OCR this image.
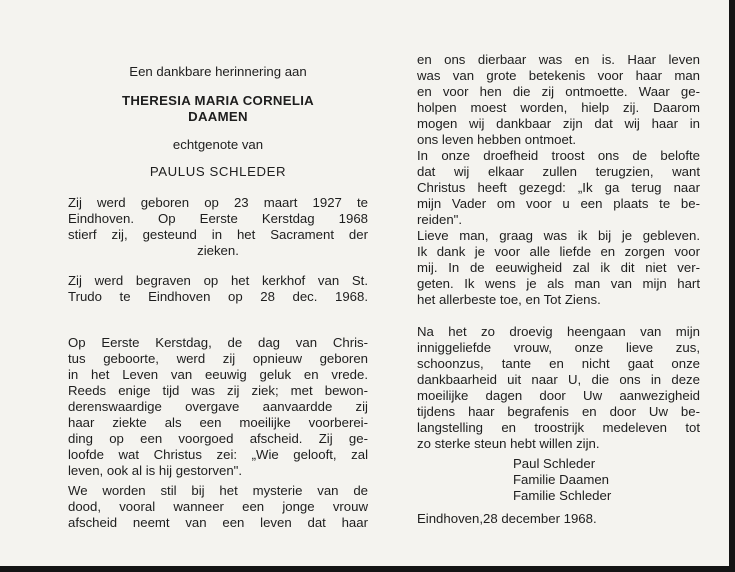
Een dankbare herinnering aan
THERESIA MARIA CORNELIA
DAAMEN
echtgenote van
PAULUS SCHLEDER
Zij werd geboren op 23 maart 1927 te
Eindhoven. Op Eerste Kerstdag 1968
stierf zij, gesteund in het Sacrament der
zieken.
Zij werd begraven op het kerkhof van St.
Trudo te Eindhoven op 28 dec. 1968.
Op Eerste Kerstdag, de dag van Chris-
tus geboorte, werd zij opnieuw geboren
in het Leven van eeuwig geluk en vrede.
Reeds enige tijd was zij ziek; met bewon-
derenswaardige overgave aanvaardde zij
haar ziekte als een moeilijke voorberei-
ding op een voorgoed afscheid. Zij ge-
loofde wat Christus zei: „Wie gelooft, zal
leven, ook al is hij gestorven".
We worden stil bij het mysterie van de
dood, vooral wanneer een jonge vrouw
afscheid neemt van een leven dat haar
en ons dierbaar was en is. Haar leven
was van grote betekenis voor haar man
en voor hen die zij ontmoette. Waar ge-
holpen moest worden, hielp zij. Daarom
mogen wij dankbaar zijn dat wij haar in
ons leven hebben ontmoet.
In onze droefheid troost ons de belofte
dat wij elkaar zullen terugzien, want
Christus heeft gezegd: „Ik ga terug naar
mijn Vader om voor u een plaats te be-
reiden".
Lieve man, graag was ik bij je gebleven.
Ik dank je voor alle liefde en zorgen voor
mij. In de eeuwigheid zal ik dit niet ver-
geten. Ik wens je als man van mijn hart
het allerbeste toe, en Tot Ziens.
Na het zo droevig heengaan van mijn
inniggeliefde vrouw, onze lieve zus,
schoonzus, tante en nicht gaat onze
dankbaarheid uit naar U, die ons in deze
moeilijke dagen door Uw aanwezigheid
tijdens haar begrafenis en door Uw be-
langstelling en troostrijk medeleven tot
zo sterke steun hebt willen zijn.
Paul Schleder
Familie Daamen
Familie Schleder
Eindhoven,28 december 1968.
